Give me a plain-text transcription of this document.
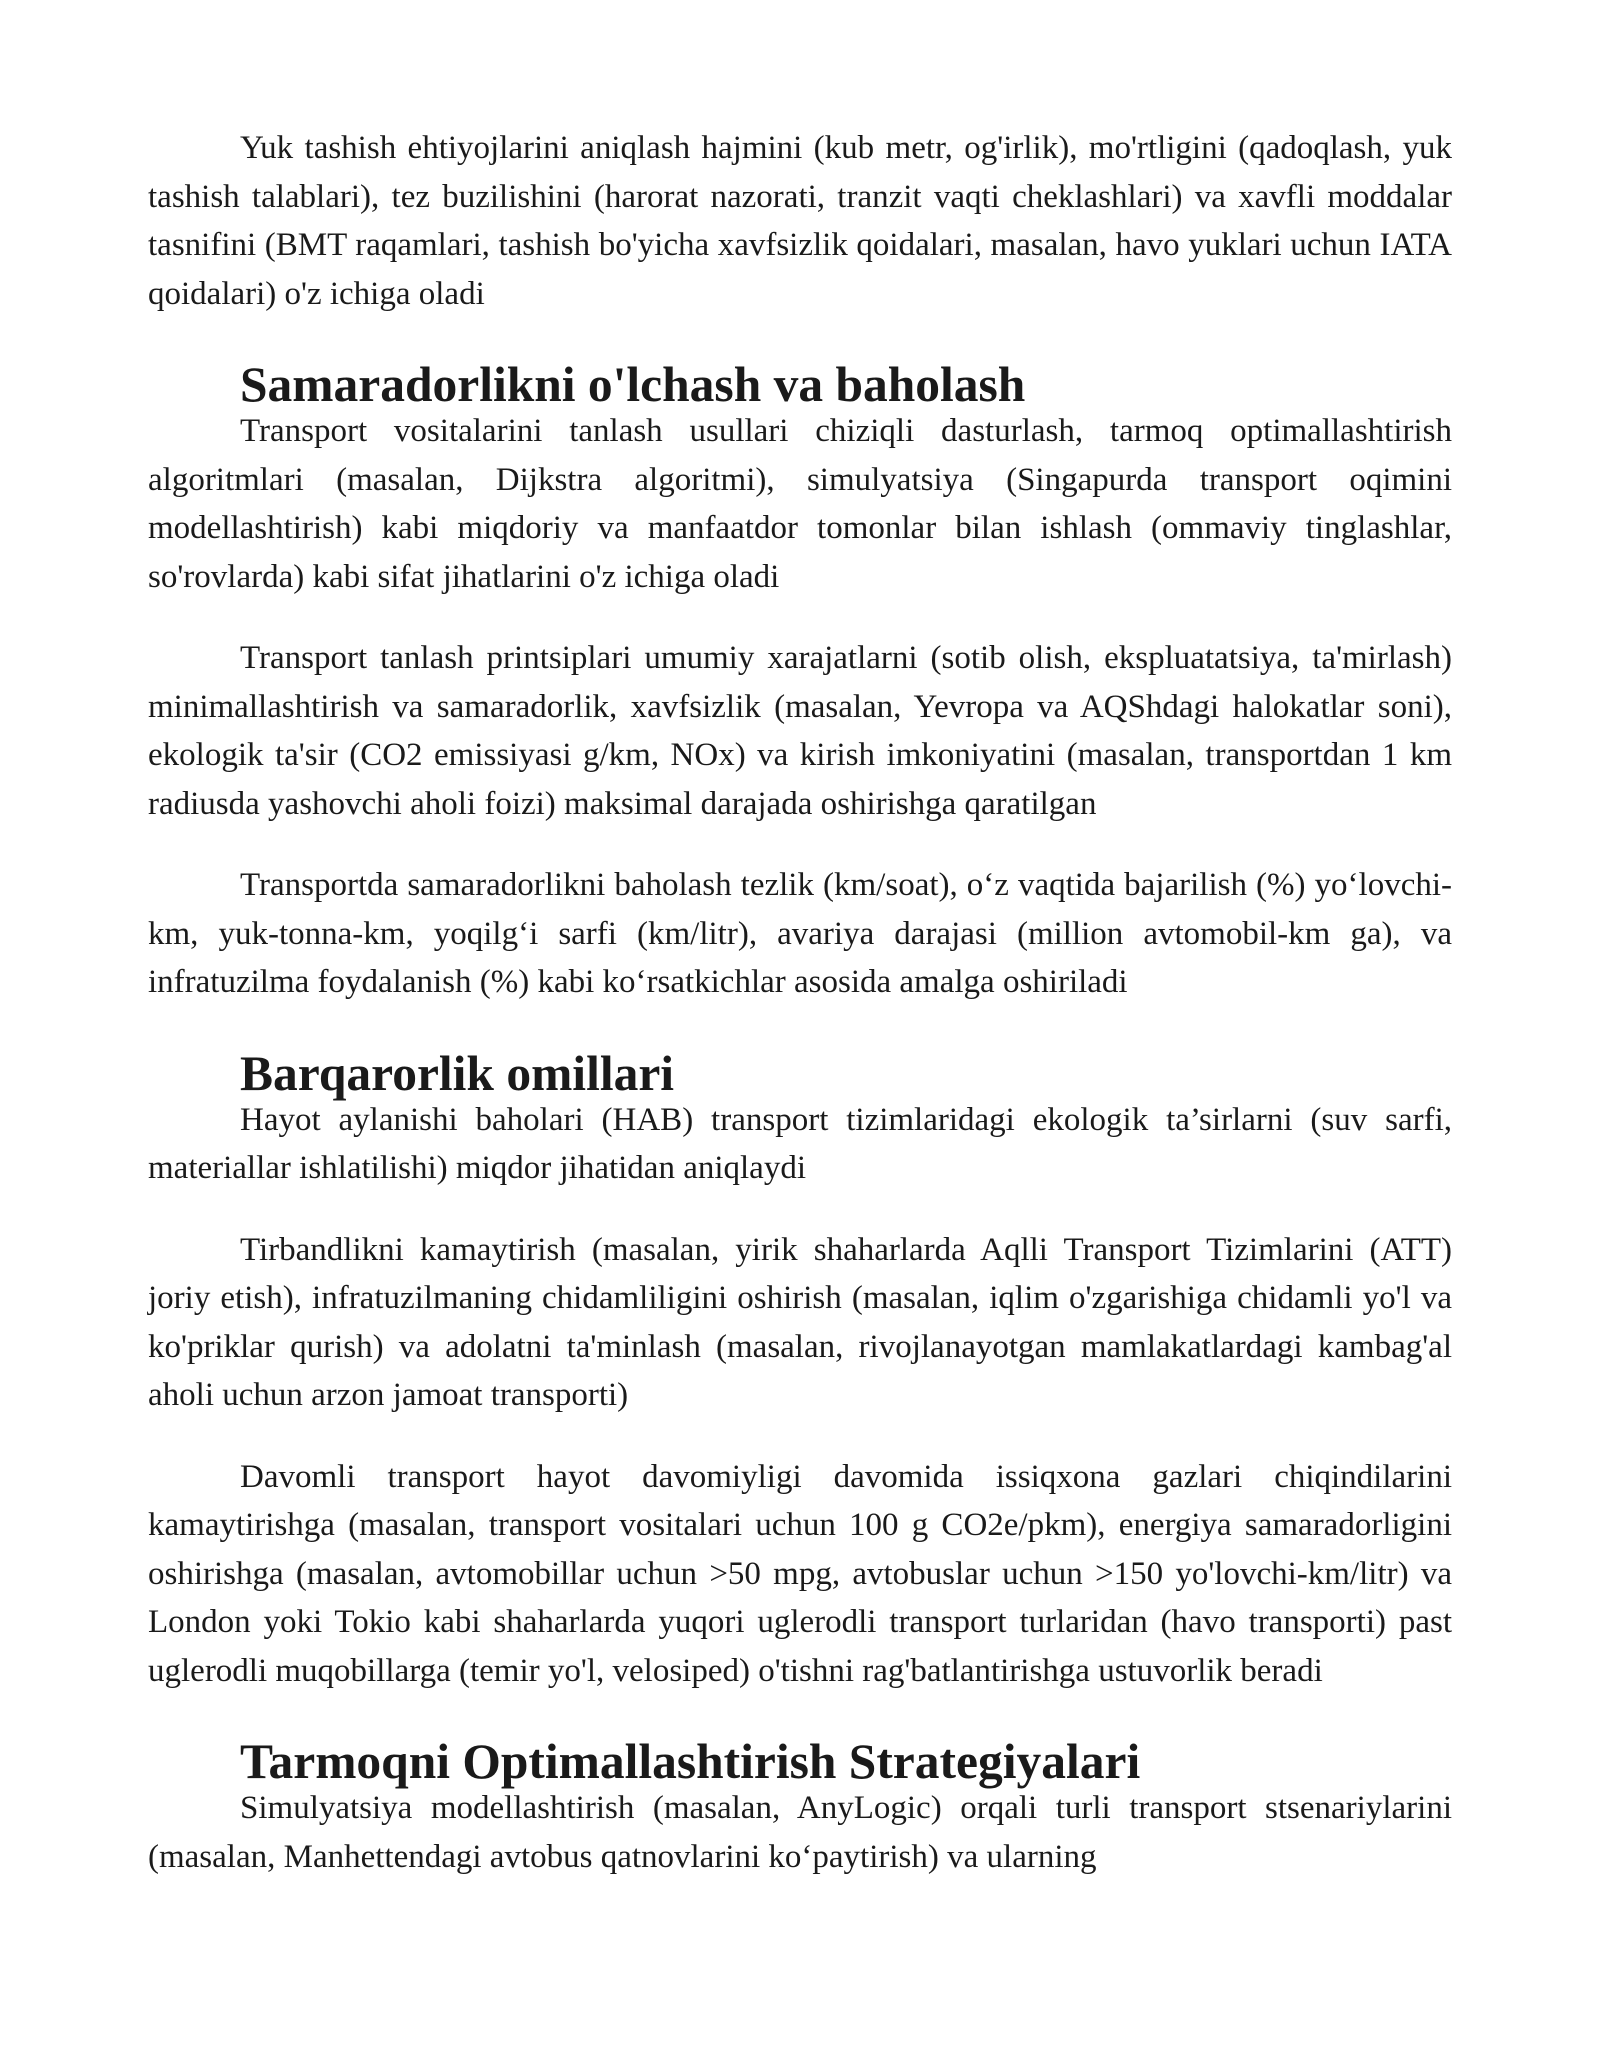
Yuk tashish ehtiyojlarini aniqlash hajmini (kub metr, og'irlik), mo'rtligini (qadoqlash, yuk tashish talablari), tez buzilishini (harorat nazorati, tranzit vaqti cheklashlari) va xavfli moddalar tasnifini (BMT raqamlari, tashish bo'yicha xavfsizlik qoidalari, masalan, havo yuklari uchun IATA qoidalari) o'z ichiga oladi

Samaradorlikni o'lchash va baholash

Transport vositalarini tanlash usullari chiziqli dasturlash, tarmoq optimallashtirish algoritmlari (masalan, Dijkstra algoritmi), simulyatsiya (Singapurda transport oqimini modellashtirish) kabi miqdoriy va manfaatdor tomonlar bilan ishlash (ommaviy tinglashlar, so'rovlarda) kabi sifat jihatlarini o'z ichiga oladi

Transport tanlash printsiplari umumiy xarajatlarni (sotib olish, ekspluatatsiya, ta'mirlash) minimallashtirish va samaradorlik, xavfsizlik (masalan, Yevropa va AQShdagi halokatlar soni), ekologik ta'sir (CO2 emissiyasi g/km, NOx) va kirish imkoniyatini (masalan, transportdan 1 km radiusda yashovchi aholi foizi) maksimal darajada oshirishga qaratilgan

Transportda samaradorlikni baholash tezlik (km/soat), o‘z vaqtida bajarilish (%) yo‘lovchi-km, yuk-tonna-km, yoqilg‘i sarfi (km/litr), avariya darajasi (million avtomobil-km ga), va infratuzilma foydalanish (%) kabi ko‘rsatkichlar asosida amalga oshiriladi

Barqarorlik omillari

Hayot aylanishi baholari (HAB) transport tizimlaridagi ekologik ta’sirlarni (suv sarfi, materiallar ishlatilishi) miqdor jihatidan aniqlaydi

Tirbandlikni kamaytirish (masalan, yirik shaharlarda Aqlli Transport Tizimlarini (ATT) joriy etish), infratuzilmaning chidamliligini oshirish (masalan, iqlim o'zgarishiga chidamli yo'l va ko'priklar qurish) va adolatni ta'minlash (masalan, rivojlanayotgan mamlakatlardagi kambag'al aholi uchun arzon jamoat transporti)

Davomli transport hayot davomiyligi davomida issiqxona gazlari chiqindilarini kamaytirishga (masalan, transport vositalari uchun 100 g CO2e/pkm), energiya samaradorligini oshirishga (masalan, avtomobillar uchun >50 mpg, avtobuslar uchun >150 yo'lovchi-km/litr) va London yoki Tokio kabi shaharlarda yuqori uglerodli transport turlaridan (havo transporti) past uglerodli muqobillarga (temir yo'l, velosiped) o'tishni rag'batlantirishga ustuvorlik beradi

Tarmoqni Optimallashtirish Strategiyalari

Simulyatsiya modellashtirish (masalan, AnyLogic) orqali turli transport stsenariylarini (masalan, Manhettendagi avtobus qatnovlarini ko‘paytirish) va ularning
